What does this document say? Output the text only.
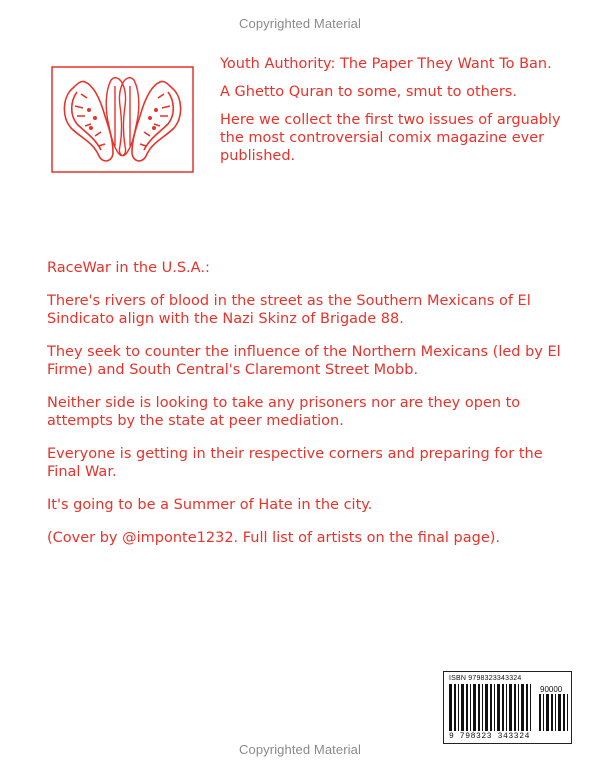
Copyrighted Material

Youth Authority: The Paper They Want To Ban.

A Ghetto Quran to some, smut to others.

Here we collect the first two issues of arguably the most controversial comix magazine ever published.

RaceWar in the U.S.A.:

There's rivers of blood in the street as the Southern Mexicans of El Sindicato align with the Nazi Skinz of Brigade 88.

They seek to counter the influence of the Northern Mexicans (led by El Firme) and South Central's Claremont Street Mobb.

Neither side is looking to take any prisoners nor are they open to attempts by the state at peer mediation.

Everyone is getting in their respective corners and preparing for the Final War.

It's going to be a Summer of Hate in the city.

(Cover by @imponte1232. Full list of artists on the final page).

ISBN 9798323343324
90000
9 798323 343324
Copyrighted Material
